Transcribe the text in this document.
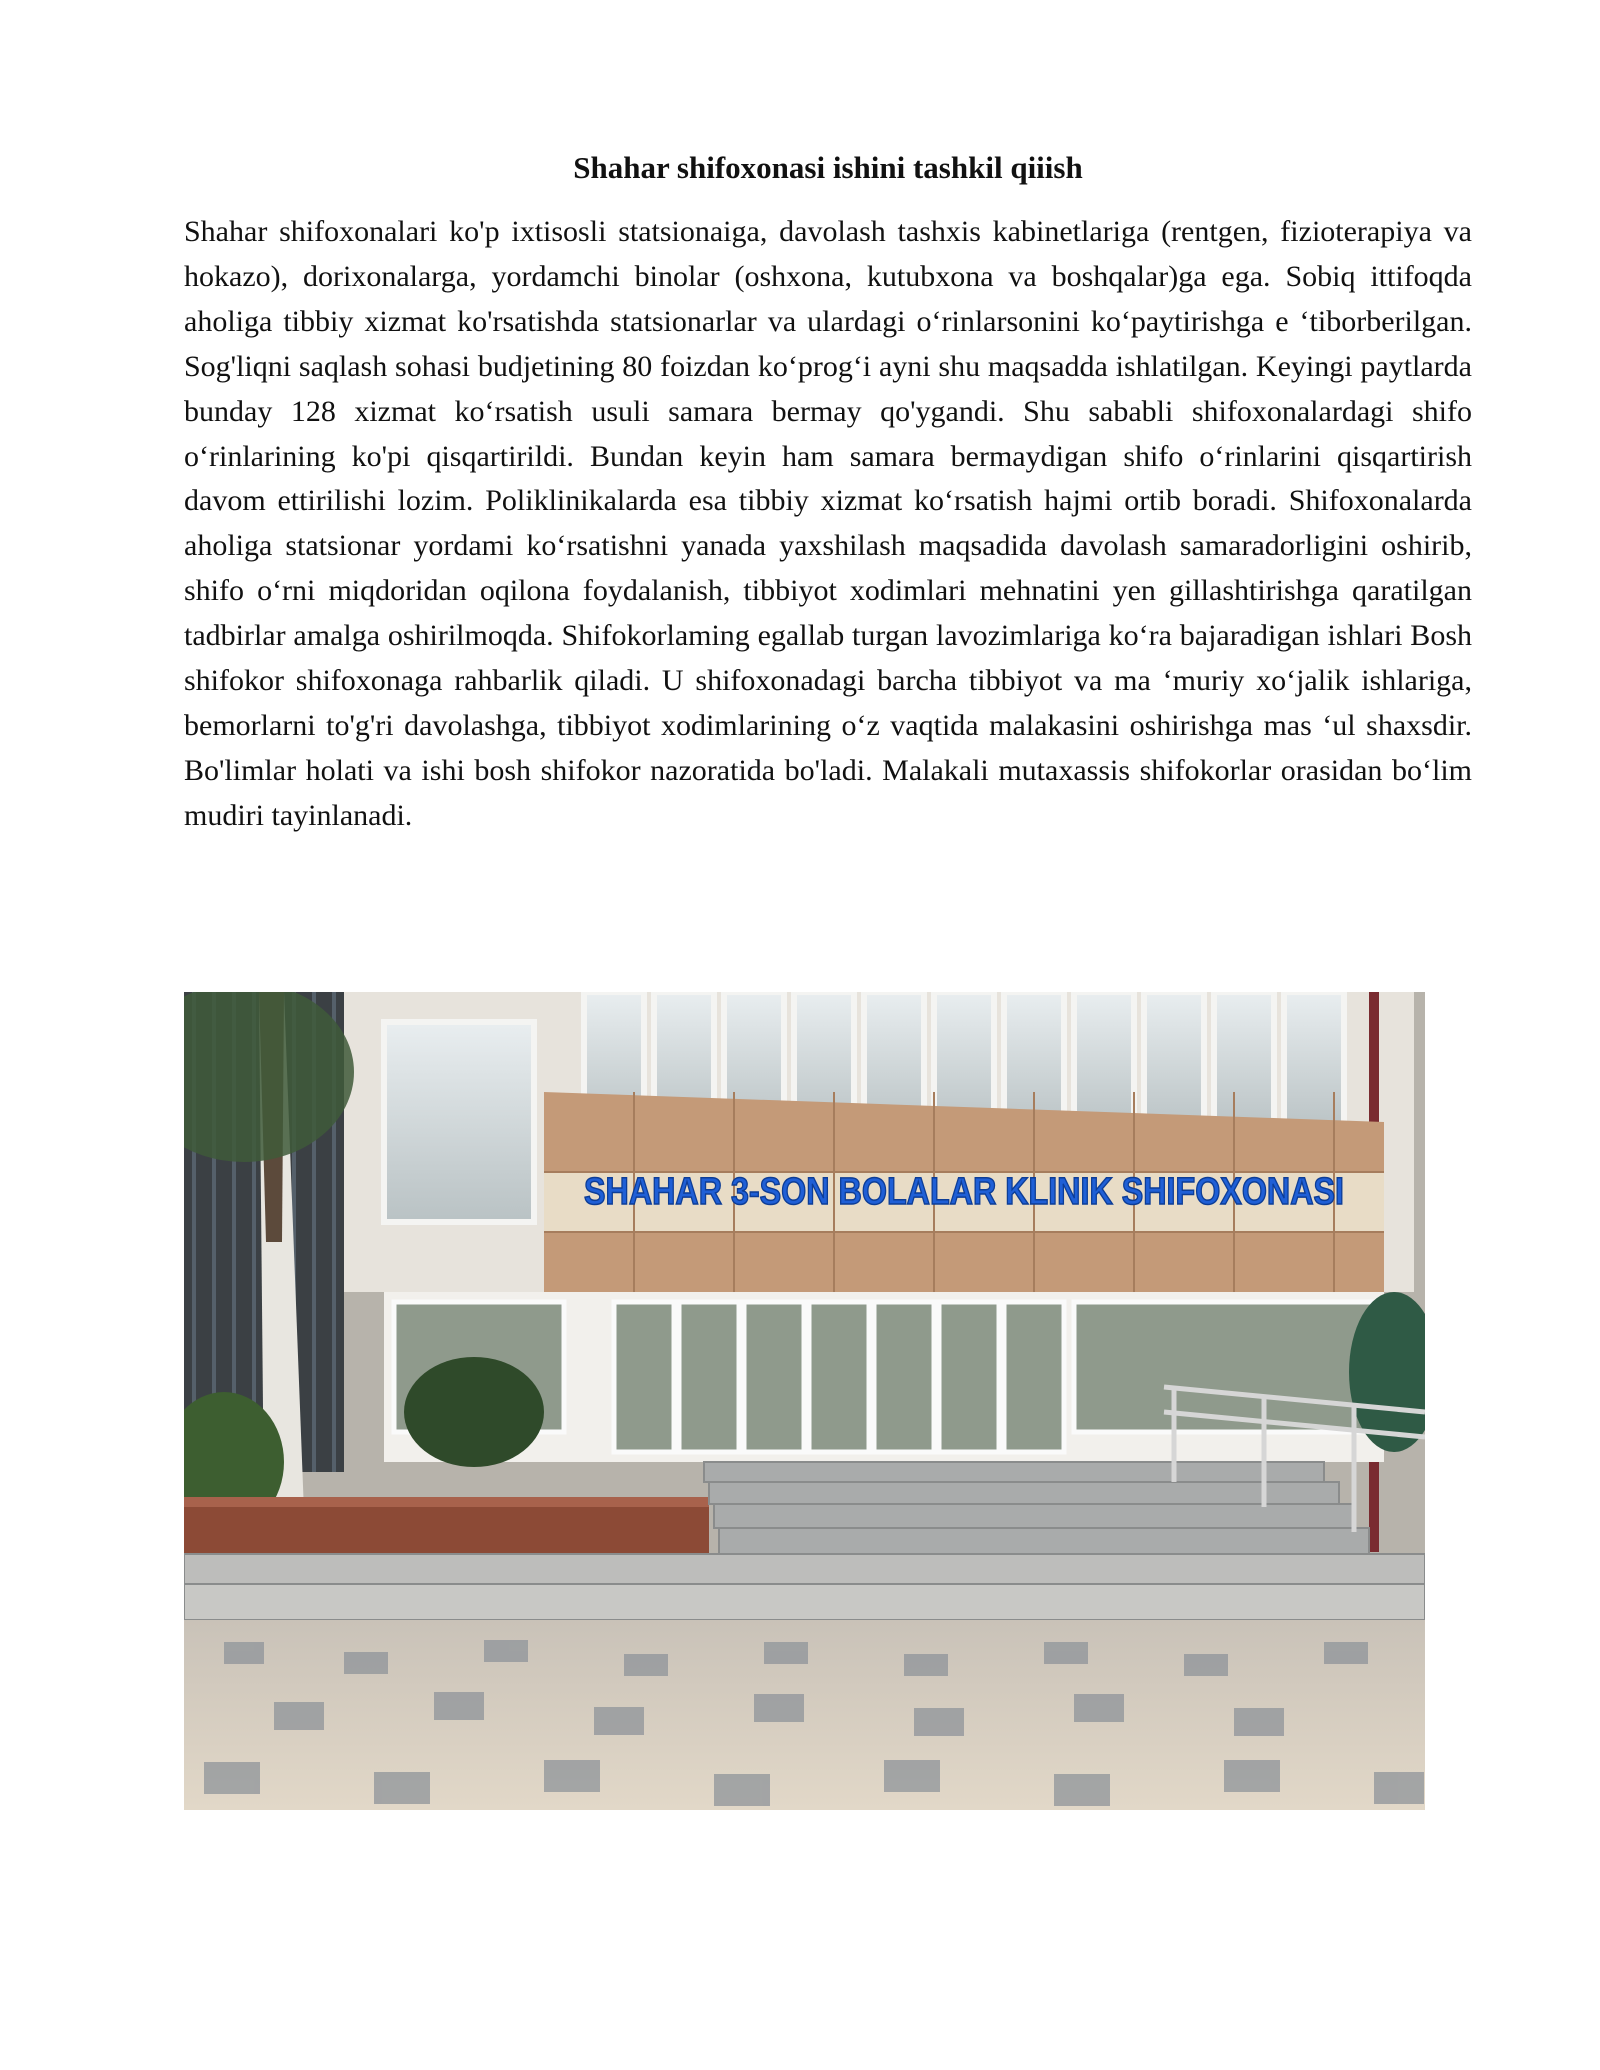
Shahar shifoxonasi ishini tashkil qiiish

Shahar shifoxonalari ko'p ixtisosli statsionaiga, davolash tashxis kabinetlariga (rentgen, fizioterapiya va hokazo), dorixonalarga, yordamchi binolar (oshxona, kutubxona va boshqalar)ga ega. Sobiq ittifoqda aholiga tibbiy xizmat ko'rsatishda statsionarlar va ulardagi o‘rinlarsonini ko‘paytirishga e ‘tiborberilgan. Sog'liqni saqlash sohasi budjetining 80 foizdan ko‘prog‘i ayni shu maqsadda ishlatilgan. Keyingi paytlarda bunday 128 xizmat ko‘rsatish usuli samara bermay qo'ygandi. Shu sababli shifoxonalardagi shifo o‘rinlarining ko'pi qisqartirildi. Bundan keyin ham samara bermaydigan shifo o‘rinlarini qisqartirish davom ettirilishi lozim. Poliklinikalarda esa tibbiy xizmat ko‘rsatish hajmi ortib boradi. Shifoxonalarda aholiga statsionar yordami ko‘rsatishni yanada yaxshilash maqsadida davolash samaradorligini oshirib, shifo o‘rni miqdoridan oqilona foydalanish, tibbiyot xodimlari mehnatini yen gillashtirishga qaratilgan tadbirlar amalga oshirilmoqda. Shifokorlaming egallab turgan lavozimlariga ko‘ra bajaradigan ishlari Bosh shifokor shifoxonaga rahbarlik qiladi. U shifoxonadagi barcha tibbiyot va ma ‘muriy xo‘jalik ishlariga, bemorlarni to'g'ri davolashga, tibbiyot xodimlarining o‘z vaqtida malakasini oshirishga mas ‘ul shaxsdir. Bo'limlar holati va ishi bosh shifokor nazoratida bo'ladi. Malakali mutaxassis shifokorlar orasidan bo‘lim mudiri tayinlanadi.

SHAHAR 3-SON BOLALAR KLINIK SHIFOXONASI
